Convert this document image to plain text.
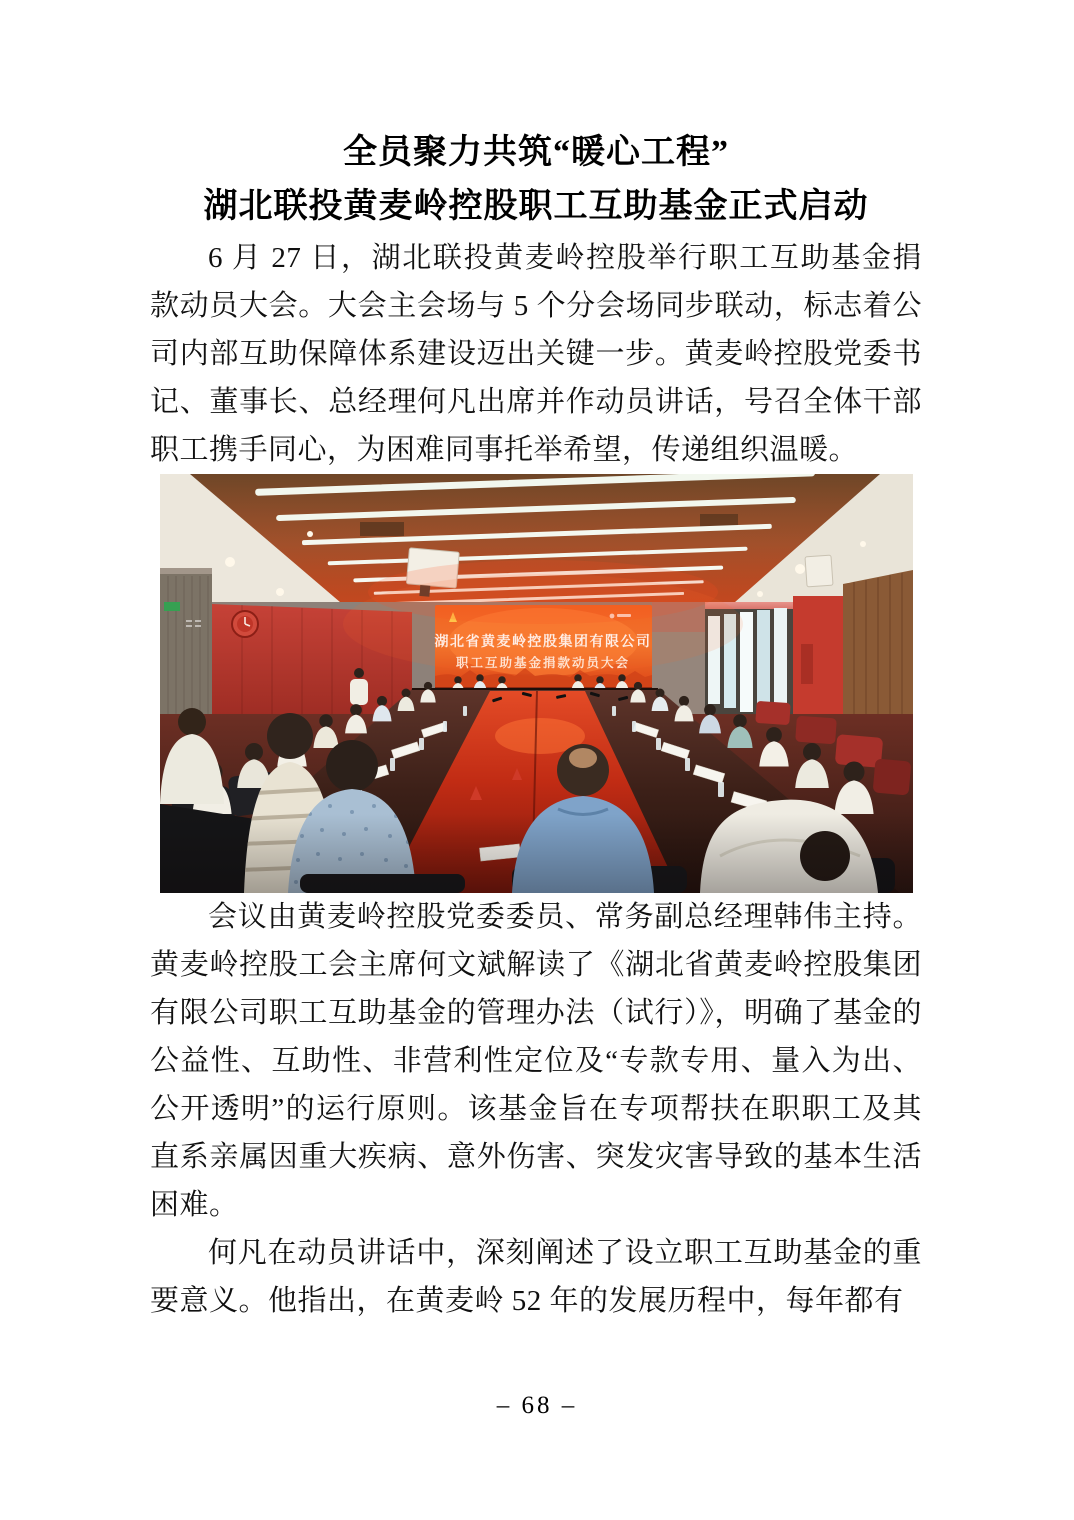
全员聚力共筑“暖心工程”
湖北联投黄麦岭控股职工互助基金正式启动

6 月 27 日，湖北联投黄麦岭控股举行职工互助基金捐款动员大会。大会主会场与 5 个分会场同步联动，标志着公司内部互助保障体系建设迈出关键一步。黄麦岭控股党委书记、董事长、总经理何凡出席并作动员讲话，号召全体干部职工携手同心，为困难同事托举希望，传递组织温暖。

湖北省黄麦岭控股集团有限公司
职工互助基金捐款动员大会

会议由黄麦岭控股党委委员、常务副总经理韩伟主持。黄麦岭控股工会主席何文斌解读了《湖北省黄麦岭控股集团有限公司职工互助基金的管理办法（试行）》，明确了基金的公益性、互助性、非营利性定位及“专款专用、量入为出、公开透明”的运行原则。该基金旨在专项帮扶在职职工及其直系亲属因重大疾病、意外伤害、突发灾害导致的基本生活困难。

何凡在动员讲话中，深刻阐述了设立职工互助基金的重要意义。他指出，在黄麦岭 52 年的发展历程中，每年都有

– 68 –
